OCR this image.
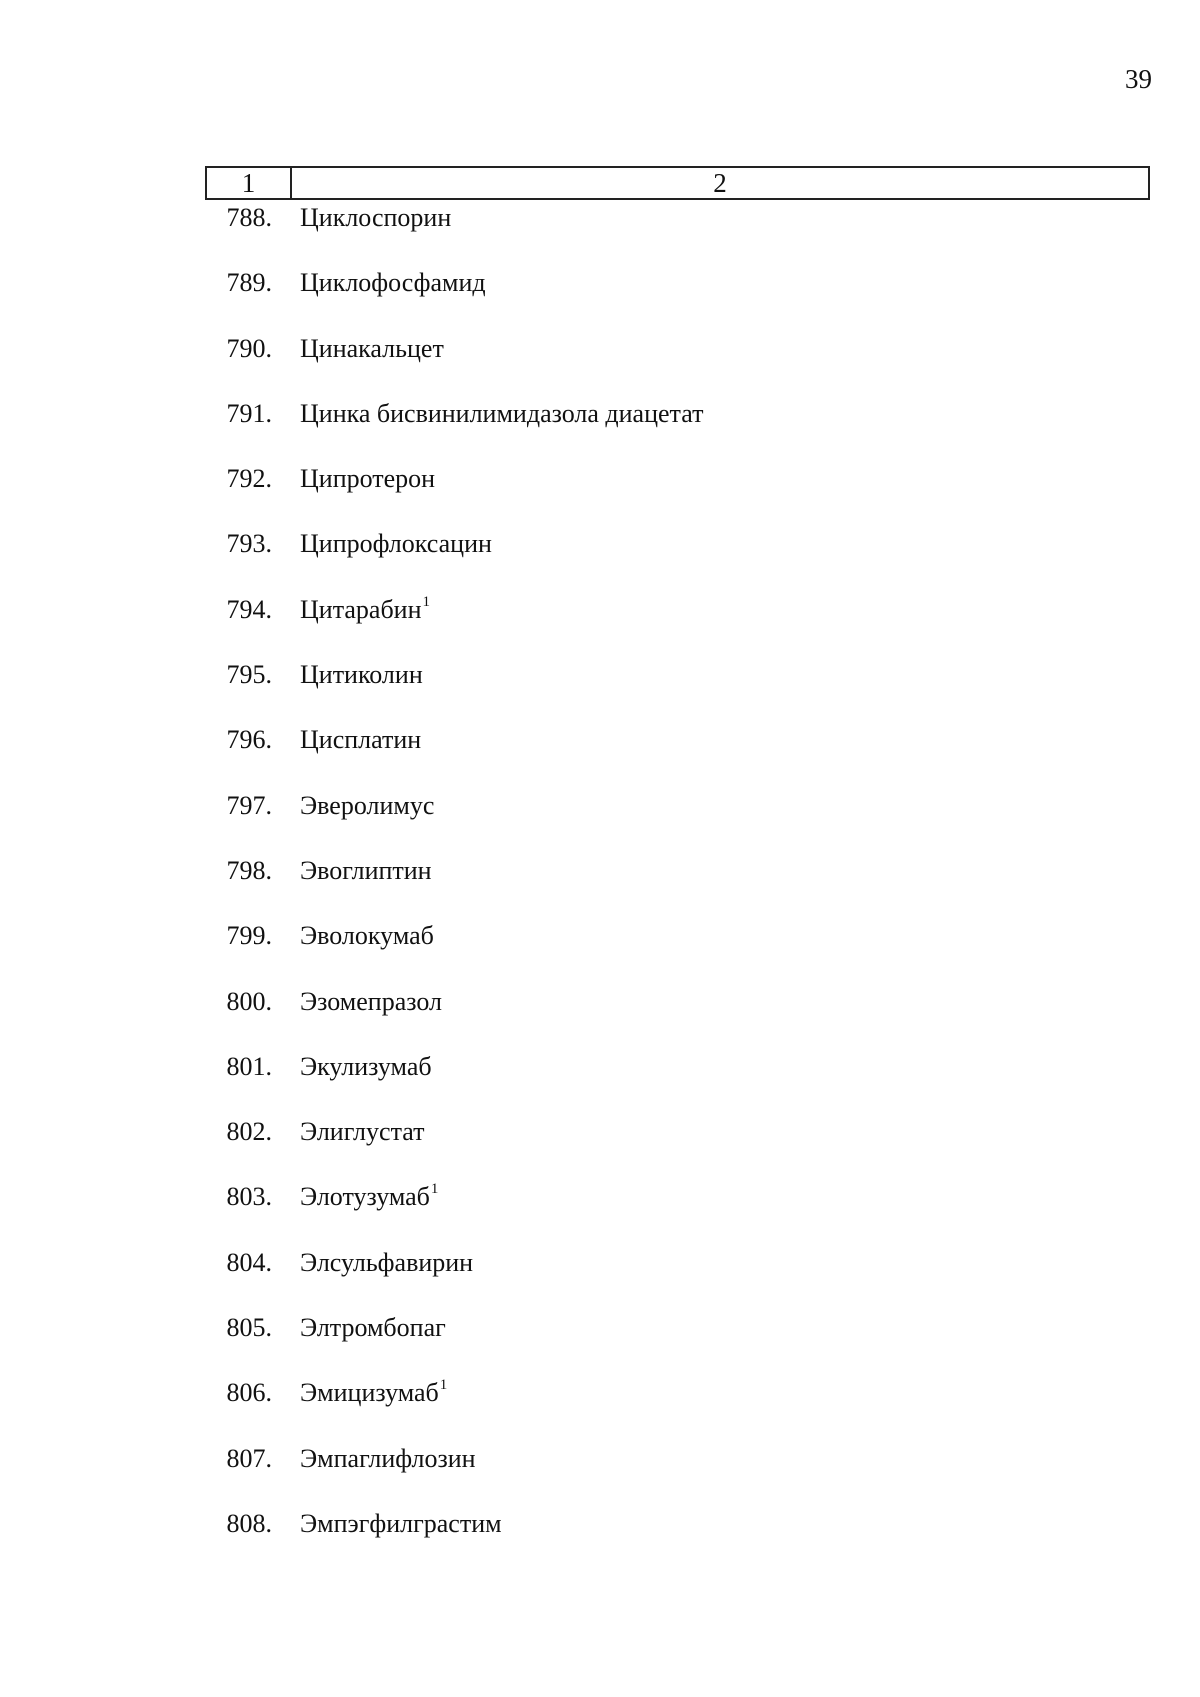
39
1	2
788. Циклоспорин
789. Циклофосфамид
790. Цинакальцет
791. Цинка бисвинилимидазола диацетат
792. Ципротерон
793. Ципрофлоксацин
794. Цитарабин$^1$
795. Цитиколин
796. Цисплатин
797. Эверолимус
798. Эвоглиптин
799. Эволокумаб
800. Эзомепразол
801. Экулизумаб
802. Элиглустат
803. Элотузумаб$^1$
804. Элсульфавирин
805. Элтромбопаг
806. Эмицизумаб$^1$
807. Эмпаглифлозин
808. Эмпэгфилграстим
